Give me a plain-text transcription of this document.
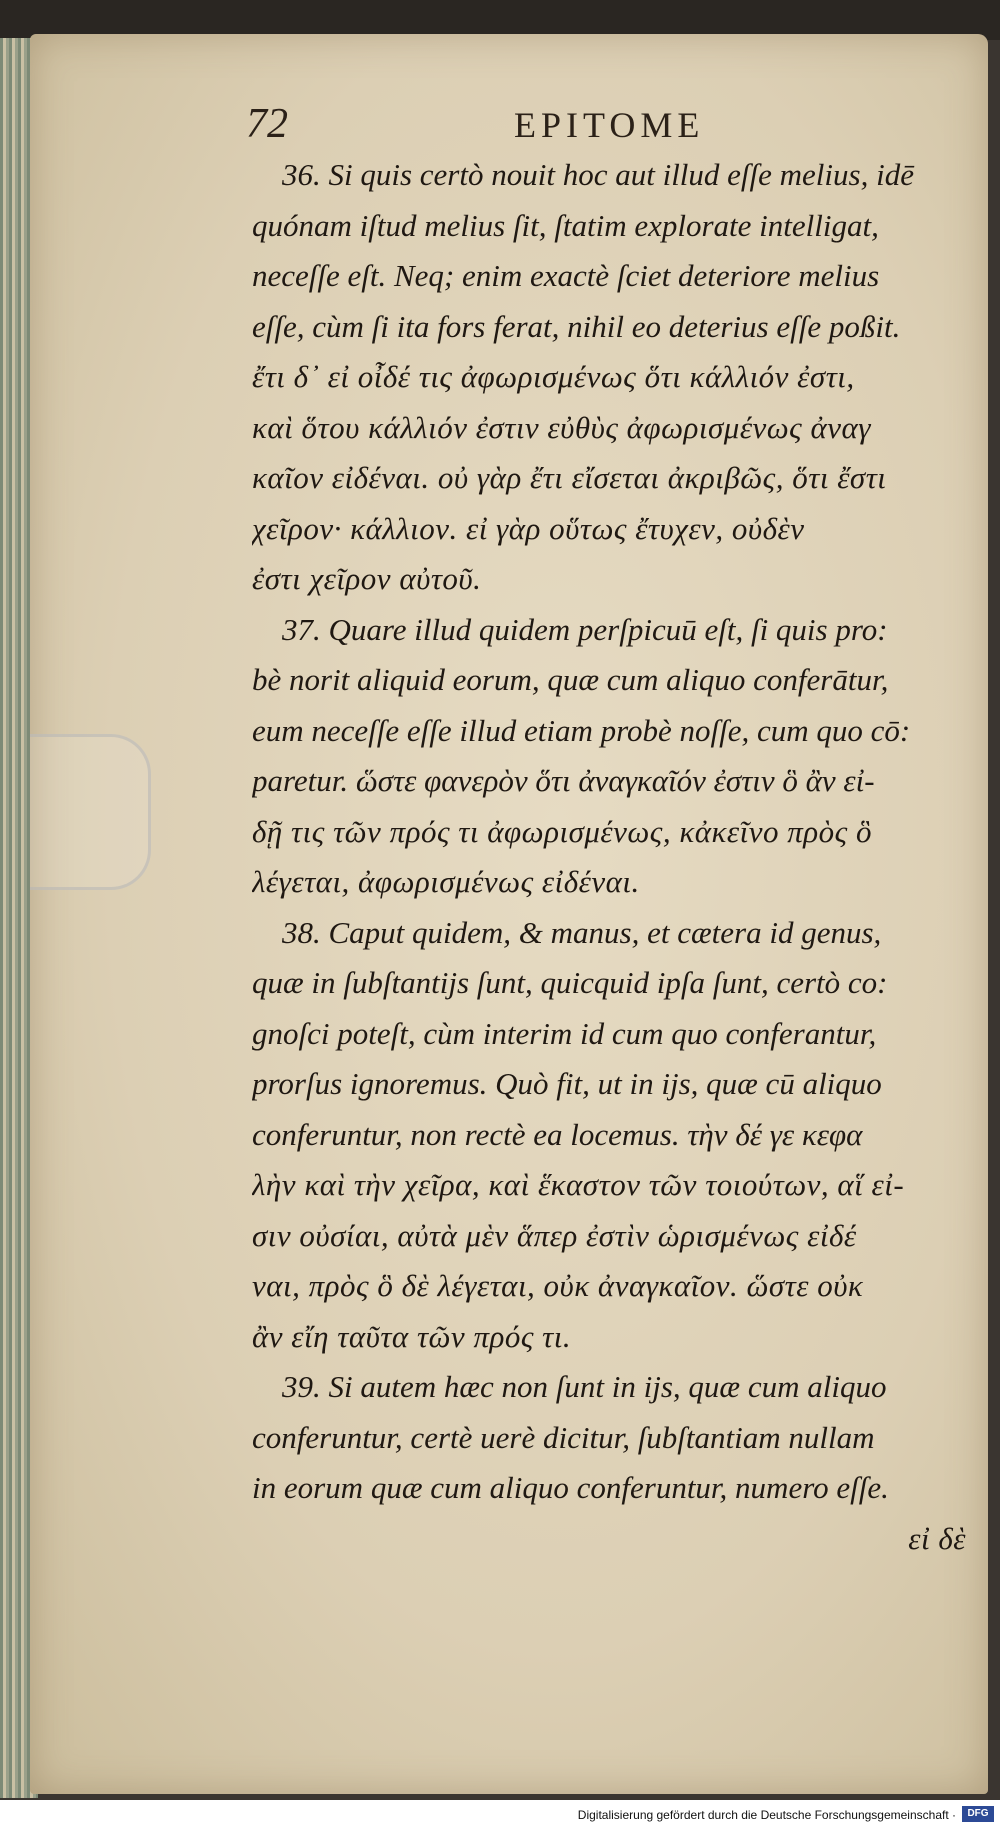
72	EPITOME
36. Si quis certò nouit hoc aut illud eſſe melius, idē
quónam iſtud melius ſit, ſtatim explorate intelligat,
neceſſe eſt. Neq; enim exactè ſciet deteriore melius
eſſe, cùm ſi ita fors ferat, nihil eo deterius eſſe poßit.
ἔτι δ᾽ εἰ οἶδέ τις ἀφωρισμένως ὅτι κάλλιόν ἐστι,
καὶ ὅτου κάλλιόν ἐστιν εὐθὺς ἀφωρισμένως ἀναγ
καῖον εἰδέναι. οὐ γὰρ ἔτι εἴσεται ἀκριβῶς, ὅτι ἔστι
χεῖρον· κάλλιον. εἰ γὰρ οὕτως ἔτυχεν, οὐδὲν
ἐστι χεῖρον αὐτοῦ.
37. Quare illud quidem perſpicuū eſt, ſi quis pro:
bè norit aliquid eorum, quæ cum aliquo conferātur,
eum neceſſe eſſe illud etiam probè noſſe, cum quo cō:
paretur. ὥστε φανερὸν ὅτι ἀναγκαῖόν ἐστιν ὃ ἂν εἰ-
δῇ τις τῶν πρός τι ἀφωρισμένως, κἀκεῖνο πρὸς ὃ
λέγεται, ἀφωρισμένως εἰδέναι.
38. Caput quidem, & manus, et cætera id genus,
quæ in ſubſtantijs ſunt, quicquid ipſa ſunt, certò co:
gnoſci poteſt, cùm interim id cum quo conferantur,
prorſus ignoremus. Quò fit, ut in ijs, quæ cū aliquo
conferuntur, non rectè ea locemus. τὴν δέ γε κεφα
λὴν καὶ τὴν χεῖρα, καὶ ἕκαστον τῶν τοιούτων, αἵ εἰ-
σιν οὐσίαι, αὐτὰ μὲν ἅπερ ἐστὶν ὡρισμένως εἰδέ
ναι, πρὸς ὃ δὲ λέγεται, οὐκ ἀναγκαῖον. ὥστε οὐκ
ἂν εἴη ταῦτα τῶν πρός τι.
39. Si autem hæc non ſunt in ijs, quæ cum aliquo
conferuntur, certè uerè dicitur, ſubſtantiam nullam
in eorum quæ cum aliquo conferuntur, numero eſſe.
εἰ δὲ
Digitalisierung gefördert durch die Deutsche Forschungsgemeinschaft ·	DFG
